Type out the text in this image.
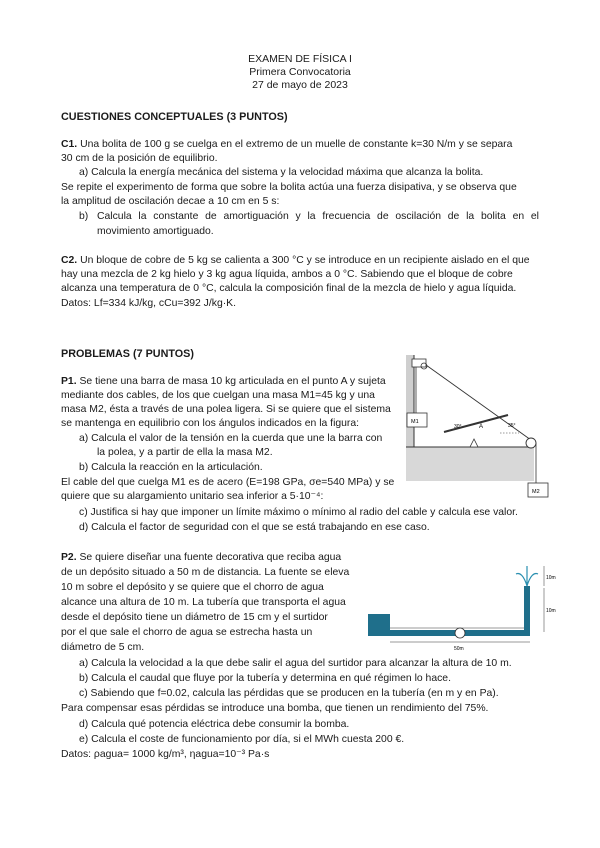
EXAMEN DE FÍSICA I
Primera Convocatoria
27 de mayo de 2023
CUESTIONES CONCEPTUALES (3 PUNTOS)
C1. Una bolita de 100 g se cuelga en el extremo de un muelle de constante k=30 N/m y se separa
30 cm de la posición de equilibrio.
a) Calcula la energía mecánica del sistema y la velocidad máxima que alcanza la bolita.
Se repite el experimento de forma que sobre la bolita actúa una fuerza disipativa, y se observa que
la amplitud de oscilación decae a 10 cm en 5 s:
b) Calcula la constante de amortiguación y la frecuencia de oscilación de la bolita en el
movimiento amortiguado.
C2. Un bloque de cobre de 5 kg se calienta a 300 °C y se introduce en un recipiente aislado en el que
hay una mezcla de 2 kg hielo y 3 kg agua líquida, ambos a 0 °C. Sabiendo que el bloque de cobre
alcanza una temperatura de 0 °C, calcula la composición final de la mezcla de hielo y agua líquida.
Datos: Lf=334 kJ/kg, cCu=392 J/kg·K.
PROBLEMAS (7 PUNTOS)
P1. Se tiene una barra de masa 10 kg articulada en el punto A y sujeta
mediante dos cables, de los que cuelgan una masa M1=45 kg y una
masa M2, ésta a través de una polea ligera. Si se quiere que el sistema
se mantenga en equilibrio con los ángulos indicados en la figura:
a) Calcula el valor de la tensión en la cuerda que une la barra con
la polea, y a partir de ella la masa M2.
b) Calcula la reacción en la articulación.
El cable del que cuelga M1 es de acero (E=198 GPa, σe=540 MPa) y se
quiere que su alargamiento unitario sea inferior a 5·10⁻⁴:
c) Justifica si hay que imponer un límite máximo o mínimo al radio del cable y calcula ese valor.
d) Calcula el factor de seguridad con el que se está trabajando en ese caso.
M1
A
30°	35°
M2
P2. Se quiere diseñar una fuente decorativa que reciba agua
de un depósito situado a 50 m de distancia. La fuente se eleva
10 m sobre el depósito y se quiere que el chorro de agua
alcance una altura de 10 m. La tubería que transporta el agua
desde el depósito tiene un diámetro de 15 cm y el surtidor
por el que sale el chorro de agua se estrecha hasta un
diámetro de 5 cm.
a) Calcula la velocidad a la que debe salir el agua del surtidor para alcanzar la altura de 10 m.
b) Calcula el caudal que fluye por la tubería y determina en qué régimen lo hace.
c) Sabiendo que f=0.02, calcula las pérdidas que se producen en la tubería (en m y en Pa).
Para compensar esas pérdidas se introduce una bomba, que tienen un rendimiento del 75%.
d) Calcula qué potencia eléctrica debe consumir la bomba.
e) Calcula el coste de funcionamiento por día, si el MWh cuesta 200 €.
Datos: ρagua= 1000 kg/m³, ηagua=10⁻³ Pa·s
10m
10m
50m
